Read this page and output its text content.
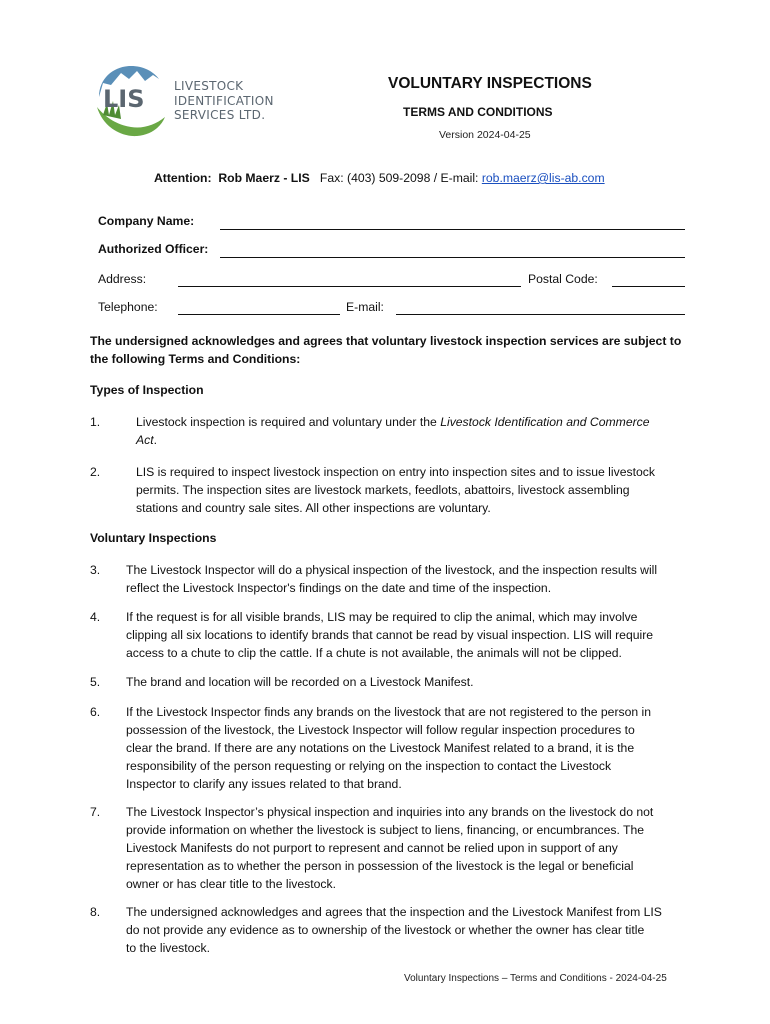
LIS LIVESTOCK
IDENTIFICATION
SERVICES LTD.
VOLUNTARY INSPECTIONS
TERMS AND CONDITIONS
Version 2024-04-25
Attention: Rob Maerz - LIS Fax: (403) 509-2098 / E-mail: rob.maerz@lis-ab.com
Company Name:
Authorized Officer:
Address:	Postal Code:
Telephone:	E-mail:
The undersigned acknowledges and agrees that voluntary livestock inspection services are subject to
the following Terms and Conditions:
Types of Inspection
1.	Livestock inspection is required and voluntary under the Livestock Identification and Commerce
Act.
2.	LIS is required to inspect livestock inspection on entry into inspection sites and to issue livestock
permits. The inspection sites are livestock markets, feedlots, abattoirs, livestock assembling
stations and country sale sites. All other inspections are voluntary.
Voluntary Inspections
3. The Livestock Inspector will do a physical inspection of the livestock, and the inspection results will
reflect the Livestock Inspector's findings on the date and time of the inspection.
4. If the request is for all visible brands, LIS may be required to clip the animal, which may involve
clipping all six locations to identify brands that cannot be read by visual inspection. LIS will require
access to a chute to clip the cattle. If a chute is not available, the animals will not be clipped.
5. The brand and location will be recorded on a Livestock Manifest.
6. If the Livestock Inspector finds any brands on the livestock that are not registered to the person in
possession of the livestock, the Livestock Inspector will follow regular inspection procedures to
clear the brand. If there are any notations on the Livestock Manifest related to a brand, it is the
responsibility of the person requesting or relying on the inspection to contact the Livestock
Inspector to clarify any issues related to that brand.
7. The Livestock Inspector’s physical inspection and inquiries into any brands on the livestock do not
provide information on whether the livestock is subject to liens, financing, or encumbrances. The
Livestock Manifests do not purport to represent and cannot be relied upon in support of any
representation as to whether the person in possession of the livestock is the legal or beneficial
owner or has clear title to the livestock.
8. The undersigned acknowledges and agrees that the inspection and the Livestock Manifest from LIS
do not provide any evidence as to ownership of the livestock or whether the owner has clear title
to the livestock.
Voluntary Inspections – Terms and Conditions - 2024-04-25
